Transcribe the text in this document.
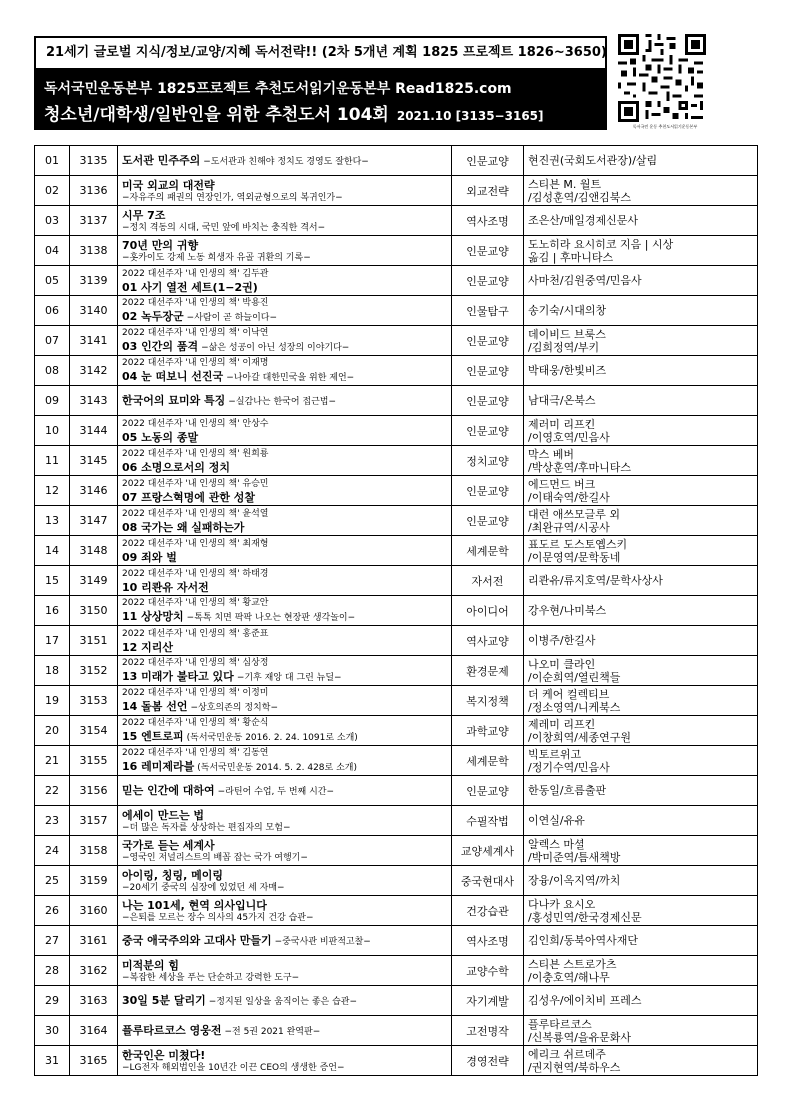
21세기 글로벌 지식/정보/교양/지혜 독서전략!! (2차 5개년 계획 1825 프로젝트 1826~3650)
독서국민운동본부 1825프로젝트 추천도서읽기운동본부 Read1825.com
청소년/대학생/일반인을 위한 추천도서 104회 2021.10 [3135−3165]
독서국민 운동 추천도서읽기운동본부
01	3135	도서관 민주주의 −도서관과 친해야 정치도 경영도 잘한다−	인문교양	현진권(국회도서관장)/살림

02	3136	미국 외교의 대전략
−자유주의 패권의 연장인가, 역외균형으로의 복귀인가−	외교전략	스티븐 M. 월트
/김성훈역/김앤김북스

03	3137	시무 7조
−정치 격동의 시대, 국민 앞에 바치는 충직한 격서−	역사조명	조은산/매일경제신문사

04	3138	70년 만의 귀향
−홋카이도 강제 노동 희생자 유골 귀환의 기록−	인문교양	도노히라 요시히코 지음 | 시상
옮김 | 후마니타스

05	3139	2022 대선주자 '내 인생의 책' 김두관
01 사기 열전 세트(1−2권)	인문교양	사마천/김원중역/민음사

06	3140	2022 대선주자 '내 인생의 책' 박용진
02 녹두장군 −사람이 곧 하늘이다−	인물탐구	송기숙/시대의창

07	3141	2022 대선주자 '내 인생의 책' 이낙연
03 인간의 품격 −삶은 성공이 아닌 성장의 이야기다−	인문교양	데이비드 브룩스
/김희정역/부키

08	3142	2022 대선주자 '내 인생의 책' 이재명
04 눈 떠보니 선진국 −나아갈 대한민국을 위한 제언−	인문교양	박태웅/한빛비즈

09	3143	한국어의 묘미와 특징 −실감나는 한국어 접근법−	인문교양	남대극/온북스

10	3144	2022 대선주자 '내 인생의 책' 안상수
05 노동의 종말	인문교양	제러미 리프킨
/이영호역/민음사

11	3145	2022 대선주자 '내 인생의 책' 원희룡
06 소명으로서의 정치	정치교양	막스 베버
/박상훈역/후마니타스

12	3146	2022 대선주자 '내 인생의 책' 유승민
07 프랑스혁명에 관한 성찰	인문교양	에드먼드 버크
/이태숙역/한길사

13	3147	2022 대선주자 '내 인생의 책' 윤석열
08 국가는 왜 실패하는가	인문교양	대런 애쓰모글루 외
/최완규역/시공사

14	3148	2022 대선주자 '내 인생의 책' 최재형
09 죄와 벌	세계문학	표도르 도스토옙스키
/이문영역/문학동네

15	3149	2022 대선주자 '내 인생의 책' 하태경
10 리콴유 자서전	자서전	리콴유/류지호역/문학사상사

16	3150	2022 대선주자 '내 인생의 책' 황교안
11 상상망치 −톡톡 치면 팍팍 나오는 현장판 생각놀이−	아이디어	강우현/나미북스

17	3151	2022 대선주자 '내 인생의 책' 홍준표
12 지리산	역사교양	이병주/한길사

18	3152	2022 대선주자 '내 인생의 책' 심상정
13 미래가 불타고 있다 −기후 재앙 대 그린 뉴딜−	환경문제	나오미 클라인
/이순희역/열린책들

19	3153	2022 대선주자 '내 인생의 책' 이정미
14 돌봄 선언 −상호의존의 정치학−	복지정책	더 케어 컬렉티브
/정소영역/니케북스

20	3154	2022 대선주자 '내 인생의 책' 황순식
15 엔트로피 (독서국민운동 2016. 2. 24. 1091로 소개)	과학교양	제레미 리프킨
/이창희역/세종연구원

21	3155	2022 대선주자 '내 인생의 책' 김동연
16 레미제라블 (독서국민운동 2014. 5. 2. 428로 소개)	세계문학	빅토르위고
/정기수역/민음사

22	3156	믿는 인간에 대하여 −라틴어 수업, 두 번째 시간−	인문교양	한동일/흐름출판

23	3157	에세이 만드는 법
−더 많은 독자를 상상하는 편집자의 모험−	수필작법	이연실/유유

24	3158	국가로 듣는 세계사
−영국인 저널리스트의 배꼽 잡는 국가 여행기−	교양세계사	알렉스 마셜
/박미준역/틈새책방

25	3159	아이링, 칭링, 메이링
−20세기 중국의 심장에 있었던 세 자매−	중국현대사	장융/이옥지역/까치

26	3160	나는 101세, 현역 의사입니다
−은퇴를 모르는 장수 의사의 45가지 건강 습관−	건강습관	다나카 요시오
/홍성민역/한국경제신문

27	3161	중국 애국주의와 고대사 만들기 −중국사관 비판적고찰−	역사조명	김인희/동북아역사재단

28	3162	미적분의 힘
−복잡한 세상을 푸는 단순하고 강력한 도구−	교양수학	스티븐 스트로가츠
/이충호역/해나무

29	3163	30일 5분 달리기 −정지된 일상을 움직이는 좋은 습관−	자기계발	김성우/에이치비 프레스

30	3164	플루타르코스 영웅전 −전 5권 2021 완역판−	고전명작	플루타르코스
/신복룡역/을유문화사

31	3165	한국인은 미쳤다!
−LG전자 해외법인을 10년간 이끈 CEO의 생생한 증언−	경영전략	에리크 쉬르데주
/권지현역/북하우스
